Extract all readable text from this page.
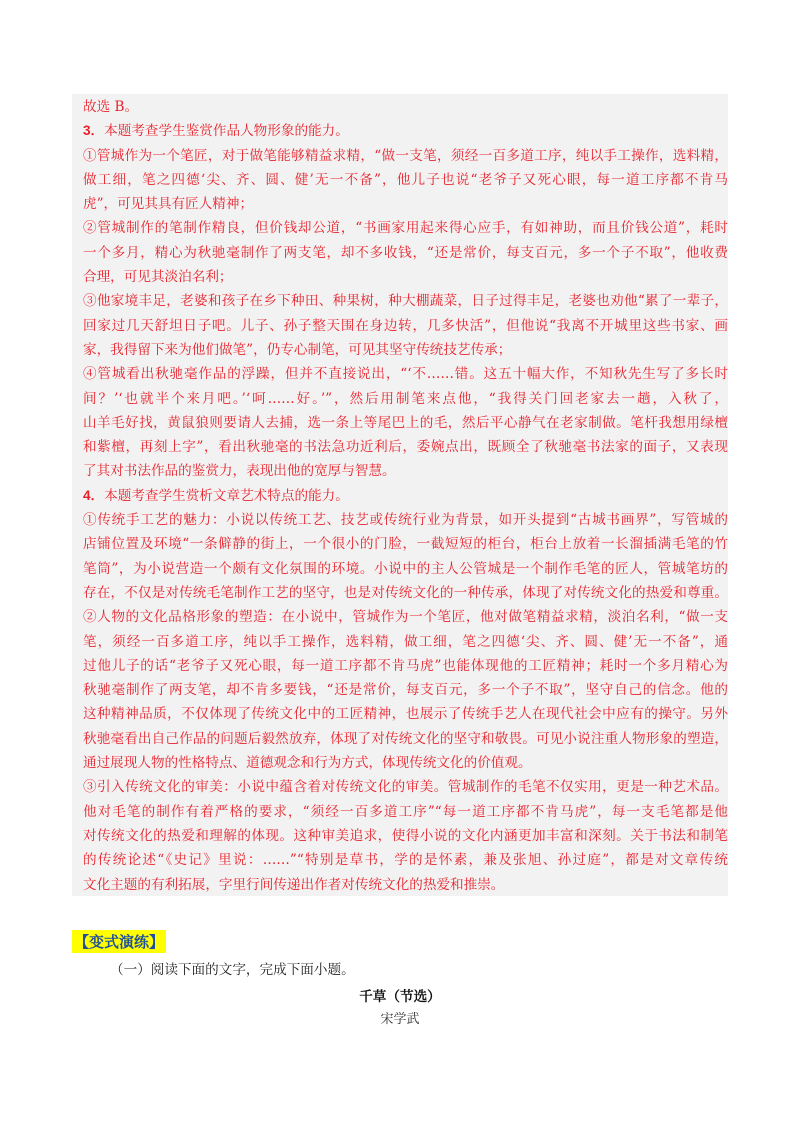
故选 B。
3．本题考查学生鉴赏作品人物形象的能力。
①管城作为一个笔匠，对于做笔能够精益求精，“做一支笔，须经一百多道工序，纯以手工操作，选料精，
做工细，笔之四德‘尖、齐、圆、健’无一不备”，他儿子也说“老爷子又死心眼，每一道工序都不肯马
虎”，可见其具有匠人精神；
②管城制作的笔制作精良，但价钱却公道，“书画家用起来得心应手，有如神助，而且价钱公道”，耗时
一个多月，精心为秋驰毫制作了两支笔，却不多收钱，“还是常价，每支百元，多一个子不取”，他收费
合理，可见其淡泊名利；
③他家境丰足，老婆和孩子在乡下种田、种果树，种大棚蔬菜，日子过得丰足，老婆也劝他“累了一辈子，
回家过几天舒坦日子吧。儿子、孙子整天围在身边转，几多快活”，但他说“我离不开城里这些书家、画
家，我得留下来为他们做笔”，仍专心制笔，可见其坚守传统技艺传承；
④管城看出秋驰毫作品的浮躁，但并不直接说出，“‘不……错。这五十幅大作，不知秋先生写了多长时
间？’‘也就半个来月吧。’‘呵……好。’”，然后用制笔来点他，“我得关门回老家去一趟，入秋了，
山羊毛好找，黄鼠狼则要请人去捕，选一条上等尾巴上的毛，然后平心静气在老家制做。笔杆我想用绿檀
和紫檀，再刻上字”，看出秋驰毫的书法急功近利后，委婉点出，既顾全了秋驰毫书法家的面子，又表现
了其对书法作品的鉴赏力，表现出他的宽厚与智慧。
4．本题考查学生赏析文章艺术特点的能力。
①传统手工艺的魅力：小说以传统工艺、技艺或传统行业为背景，如开头提到“古城书画界”，写管城的
店铺位置及环境“一条僻静的街上，一个很小的门脸，一截短短的柜台，柜台上放着一长溜插满毛笔的竹
笔筒”，为小说营造一个颇有文化氛围的环境。小说中的主人公管城是一个制作毛笔的匠人，管城笔坊的
存在，不仅是对传统毛笔制作工艺的坚守，也是对传统文化的一种传承，体现了对传统文化的热爱和尊重。
②人物的文化品格形象的塑造：在小说中，管城作为一个笔匠，他对做笔精益求精，淡泊名利，“做一支
笔，须经一百多道工序，纯以手工操作，选料精，做工细，笔之四德‘尖、齐、圆、健’无一不备”，通
过他儿子的话“老爷子又死心眼，每一道工序都不肯马虎”也能体现他的工匠精神；耗时一个多月精心为
秋驰毫制作了两支笔，却不肯多要钱，“还是常价，每支百元，多一个子不取”，坚守自己的信念。他的
这种精神品质，不仅体现了传统文化中的工匠精神，也展示了传统手艺人在现代社会中应有的操守。另外
秋驰毫看出自己作品的问题后毅然放弃，体现了对传统文化的坚守和敬畏。可见小说注重人物形象的塑造，
通过展现人物的性格特点、道德观念和行为方式，体现传统文化的价值观。
③引入传统文化的审美：小说中蕴含着对传统文化的审美。管城制作的毛笔不仅实用，更是一种艺术品。
他对毛笔的制作有着严格的要求，“须经一百多道工序”“每一道工序都不肯马虎”，每一支毛笔都是他
对传统文化的热爱和理解的体现。这种审美追求，使得小说的文化内涵更加丰富和深刻。关于书法和制笔
的传统论述“《史记》里说：……”“特别是草书，学的是怀素，兼及张旭、孙过庭”，都是对文章传统
文化主题的有利拓展，字里行间传递出作者对传统文化的热爱和推崇。
【变式演练】
（一）阅读下面的文字，完成下面小题。
千草（节选）
宋学武
